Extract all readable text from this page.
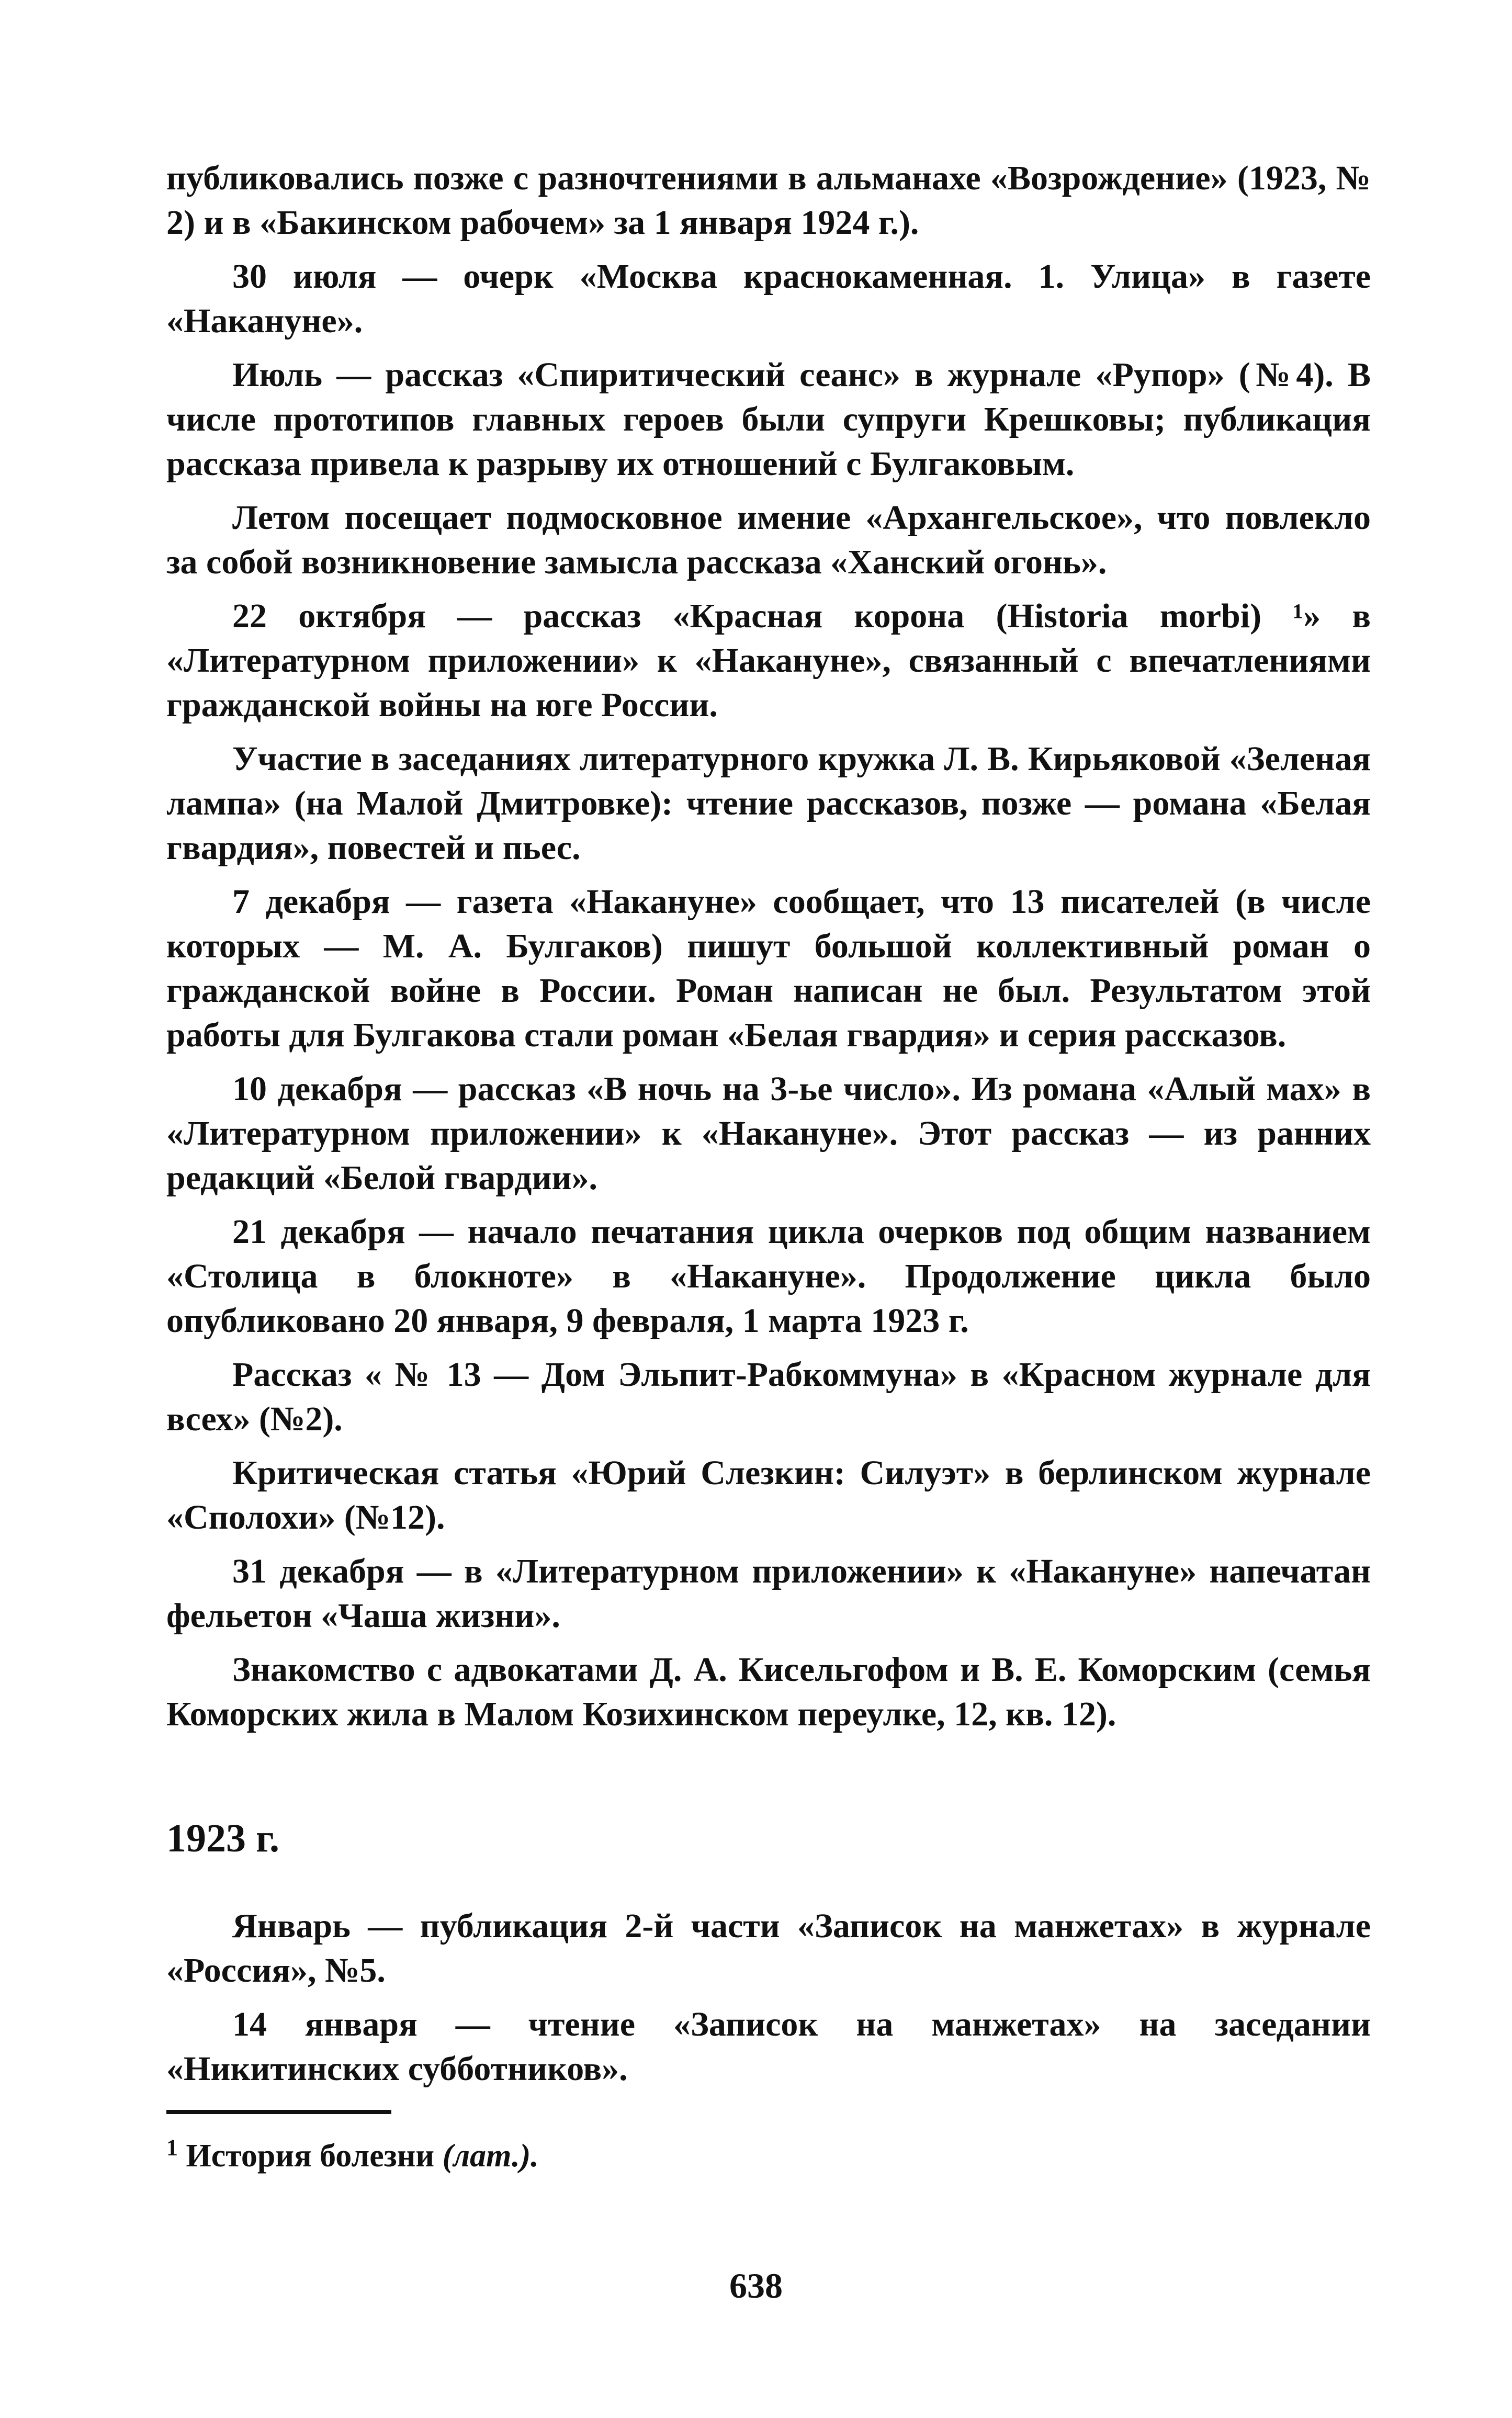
публиковались позже с разночтениями в альманахе «Возрождение» (1923, № 2) и в «Бакинском рабочем» за 1 января 1924 г.).

30 июля — очерк «Москва краснокаменная. 1. Улица» в газете «Накануне».

Июль — рассказ «Спиритический сеанс» в журнале «Рупор» (№4). В числе прототипов главных героев были супруги Крешковы; публикация рассказа привела к разрыву их отношений с Булгаковым.

Летом посещает подмосковное имение «Архангельское», что повлекло за собой возникновение замысла рассказа «Ханский огонь».

22 октября — рассказ «Красная корона (Historia morbi) ¹» в «Литературном приложении» к «Накануне», связанный с впечатлениями гражданской войны на юге России.

Участие в заседаниях литературного кружка Л. В. Кирьяковой «Зеленая лампа» (на Малой Дмитровке): чтение рассказов, позже — романа «Белая гвардия», повестей и пьес.

7 декабря — газета «Накануне» сообщает, что 13 писателей (в числе которых — М. А. Булгаков) пишут большой коллективный роман о гражданской войне в России. Роман написан не был. Результатом этой работы для Булгакова стали роман «Белая гвардия» и серия рассказов.

10 декабря — рассказ «В ночь на 3-ье число». Из романа «Алый мах» в «Литературном приложении» к «Накануне». Этот рассказ — из ранних редакций «Белой гвардии».

21 декабря — начало печатания цикла очерков под общим названием «Столица в блокноте» в «Накануне». Продолжение цикла было опубликовано 20 января, 9 февраля, 1 марта 1923 г.

Рассказ « № 13 — Дом Эльпит-Рабкоммуна» в «Красном журнале для всех» (№2).

Критическая статья «Юрий Слезкин: Силуэт» в берлинском журнале «Сполохи» (№12).

31 декабря — в «Литературном приложении» к «Накануне» напечатан фельетон «Чаша жизни».

Знакомство с адвокатами Д. А. Кисельгофом и В. Е. Коморским (семья Коморских жила в Малом Козихинском переулке, 12, кв. 12).

1923 г.

Январь — публикация 2-й части «Записок на манжетах» в журнале «Россия», №5.

14 января — чтение «Записок на манжетах» на заседании «Никитинских субботников».

$^1$ История болезни (лат.).

638
